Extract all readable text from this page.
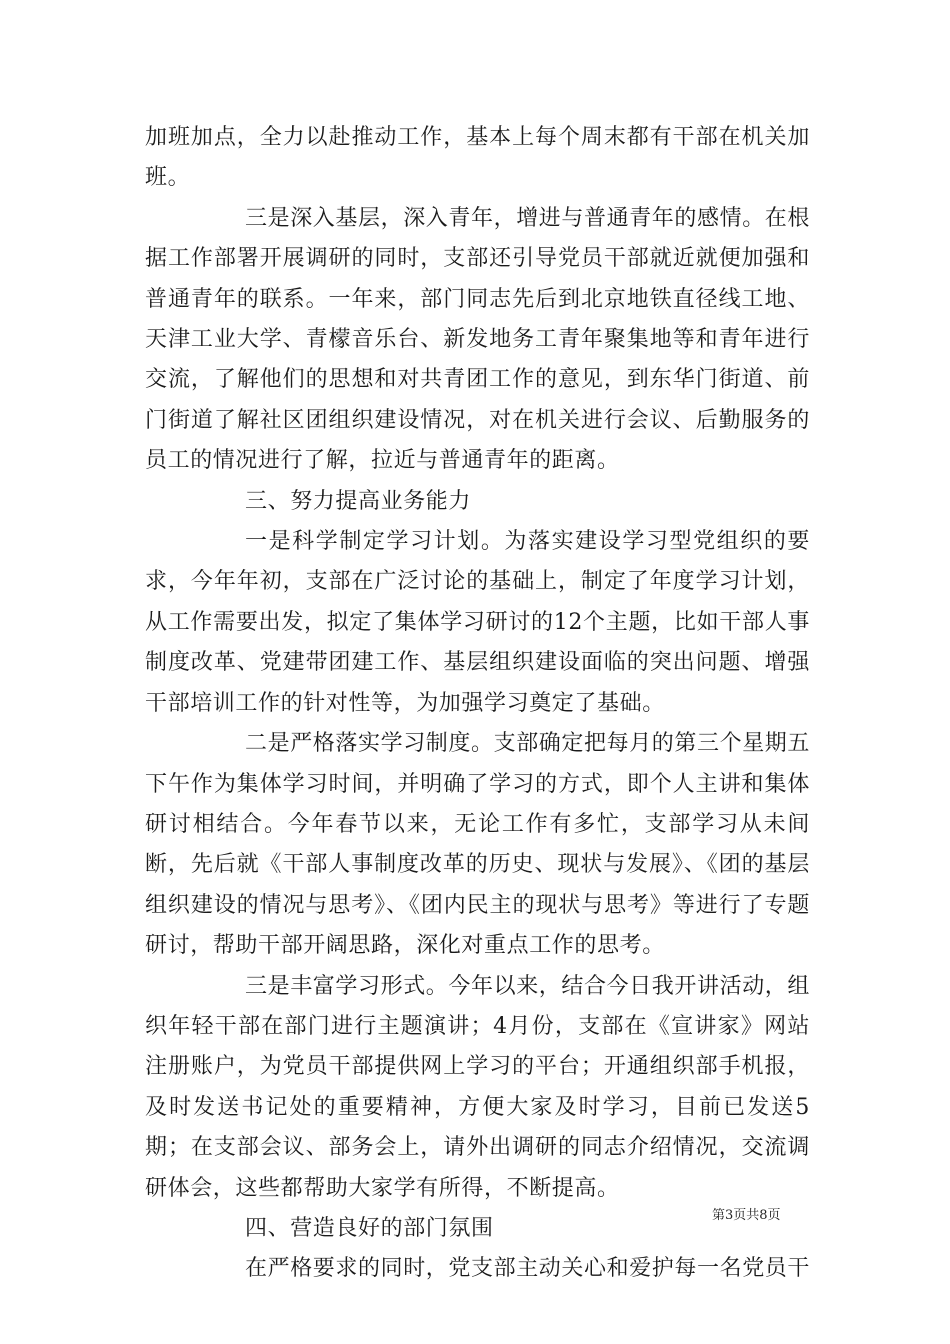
加班加点，全力以赴推动工作，基本上每个周末都有干部在机关加班。

三是深入基层，深入青年，增进与普通青年的感情。在根据工作部署开展调研的同时，支部还引导党员干部就近就便加强和普通青年的联系。一年来，部门同志先后到北京地铁直径线工地、天津工业大学、青檬音乐台、新发地务工青年聚集地等和青年进行交流，了解他们的思想和对共青团工作的意见，到东华门街道、前门街道了解社区团组织建设情况，对在机关进行会议、后勤服务的员工的情况进行了解，拉近与普通青年的距离。

三、努力提高业务能力

一是科学制定学习计划。为落实建设学习型党组织的要求，今年年初，支部在广泛讨论的基础上，制定了年度学习计划，从工作需要出发，拟定了集体学习研讨的12个主题，比如干部人事制度改革、党建带团建工作、基层组织建设面临的突出问题、增强干部培训工作的针对性等，为加强学习奠定了基础。

二是严格落实学习制度。支部确定把每月的第三个星期五下午作为集体学习时间，并明确了学习的方式，即个人主讲和集体研讨相结合。今年春节以来，无论工作有多忙，支部学习从未间断，先后就《干部人事制度改革的历史、现状与发展》、《团的基层组织建设的情况与思考》、《团内民主的现状与思考》等进行了专题研讨，帮助干部开阔思路，深化对重点工作的思考。

三是丰富学习形式。今年以来，结合今日我开讲活动，组织年轻干部在部门进行主题演讲；4月份，支部在《宣讲家》网站注册账户，为党员干部提供网上学习的平台；开通组织部手机报，及时发送书记处的重要精神，方便大家及时学习，目前已发送5期；在支部会议、部务会上，请外出调研的同志介绍情况，交流调研体会，这些都帮助大家学有所得，不断提高。

四、营造良好的部门氛围

在严格要求的同时，党支部主动关心和爱护每一名党员干

第3页共8页
